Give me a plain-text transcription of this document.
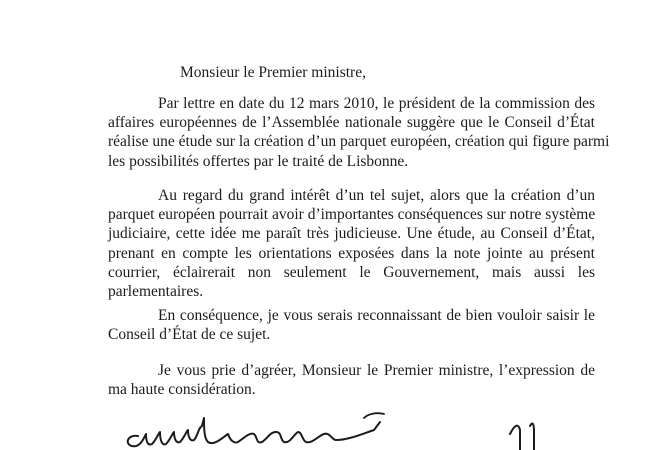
Monsieur le Premier ministre,

Par lettre en date du 12 mars 2010, le président de la commission des
affaires européennes de l’Assemblée nationale suggère que le Conseil d’État
réalise une étude sur la création d’un parquet européen, création qui figure parmi
les possibilités offertes par le traité de Lisbonne.

Au regard du grand intérêt d’un tel sujet, alors que la création d’un
parquet européen pourrait avoir d’importantes conséquences sur notre système
judiciaire, cette idée me paraît très judicieuse. Une étude, au Conseil d’État,
prenant en compte les orientations exposées dans la note jointe au présent
courrier, éclairerait non seulement le Gouvernement, mais aussi les
parlementaires.

En conséquence, je vous serais reconnaissant de bien vouloir saisir le
Conseil d’État de ce sujet.

Je vous prie d’agréer, Monsieur le Premier ministre, l’expression de
ma haute considération.
